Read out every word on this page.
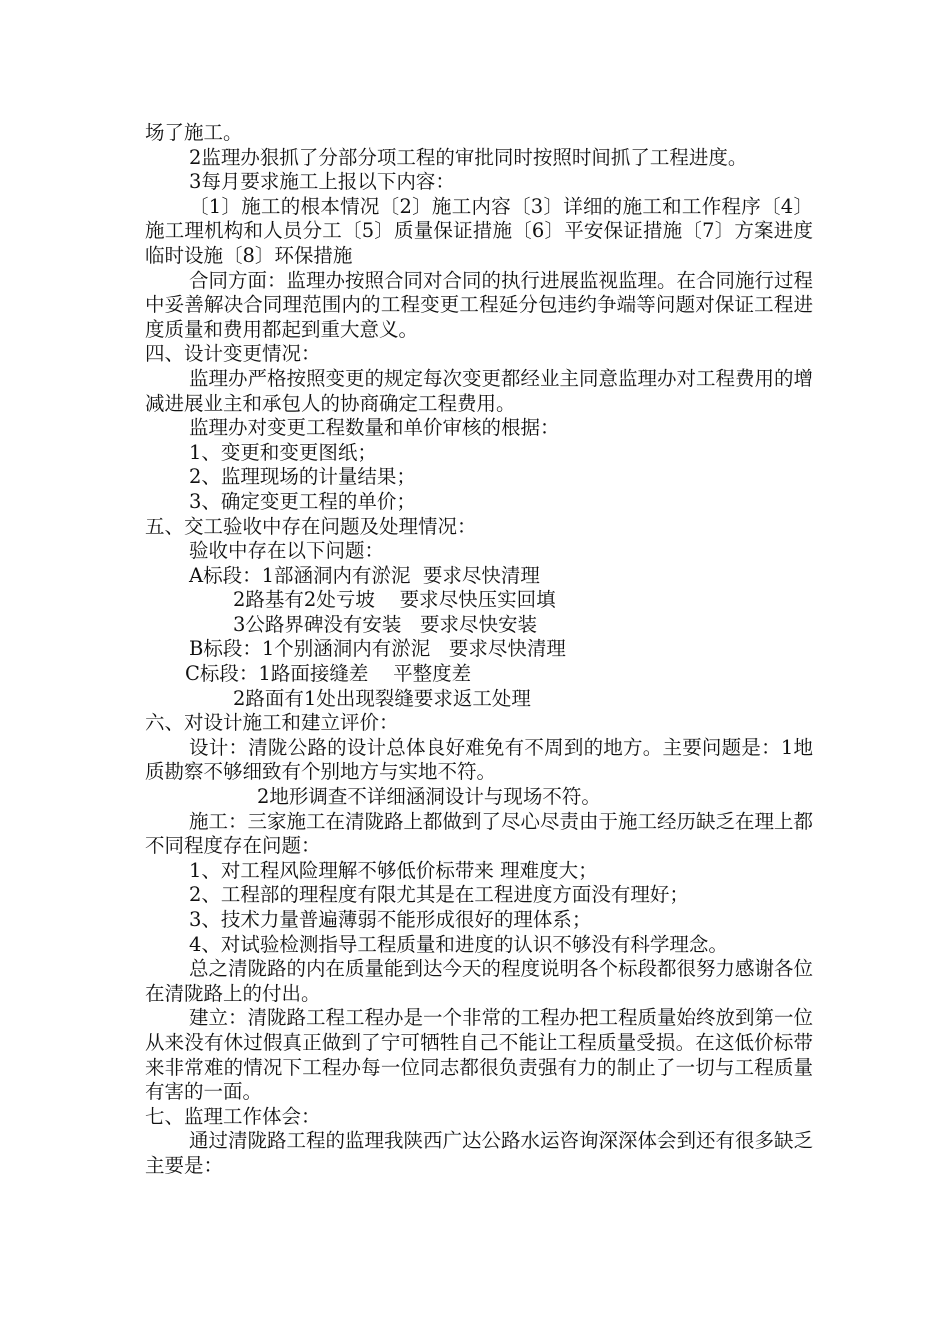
场了施工。

2监理办狠抓了分部分项工程的审批同时按照时间抓了工程进度。

3每月要求施工上报以下内容：

〔1〕施工的根本情况〔2〕施工内容〔3〕详细的施工和工作程序〔4〕施工理机构和人员分工〔5〕质量保证措施〔6〕平安保证措施〔7〕方案进度临时设施〔8〕环保措施

合同方面：监理办按照合同对合同的执行进展监视监理。在合同施行过程中妥善解决合同理范围内的工程变更工程延分包违约争端等问题对保证工程进度质量和费用都起到重大意义。

四、设计变更情况：

监理办严格按照变更的规定每次变更都经业主同意监理办对工程费用的增减进展业主和承包人的协商确定工程费用。

监理办对变更工程数量和单价审核的根据：

1、变更和变更图纸；

2、监理现场的计量结果；

3、确定变更工程的单价；

五、交工验收中存在问题及处理情况：

验收中存在以下问题：

A标段：1部涵洞内有淤泥  要求尽快清理

2路基有2处亏坡    要求尽快压实回填

3公路界碑没有安装   要求尽快安装

B标段：1个别涵洞内有淤泥   要求尽快清理

C标段：1路面接缝差    平整度差

2路面有1处出现裂缝要求返工处理

六、对设计施工和建立评价：

设计：清陇公路的设计总体良好难免有不周到的地方。主要问题是：1地质勘察不够细致有个别地方与实地不符。

2地形调查不详细涵洞设计与现场不符。

施工：三家施工在清陇路上都做到了尽心尽责由于施工经历缺乏在理上都不同程度存在问题：

1、对工程风险理解不够低价标带来 理难度大；

2、工程部的理程度有限尤其是在工程进度方面没有理好；

3、技术力量普遍薄弱不能形成很好的理体系；

4、对试验检测指导工程质量和进度的认识不够没有科学理念。

总之清陇路的内在质量能到达今天的程度说明各个标段都很努力感谢各位在清陇路上的付出。

建立：清陇路工程工程办是一个非常的工程办把工程质量始终放到第一位从来没有休过假真正做到了宁可牺牲自己不能让工程质量受损。在这低价标带来非常难的情况下工程办每一位同志都很负责强有力的制止了一切与工程质量有害的一面。

七、监理工作体会：

通过清陇路工程的监理我陕西广达公路水运咨询深深体会到还有很多缺乏主要是：
